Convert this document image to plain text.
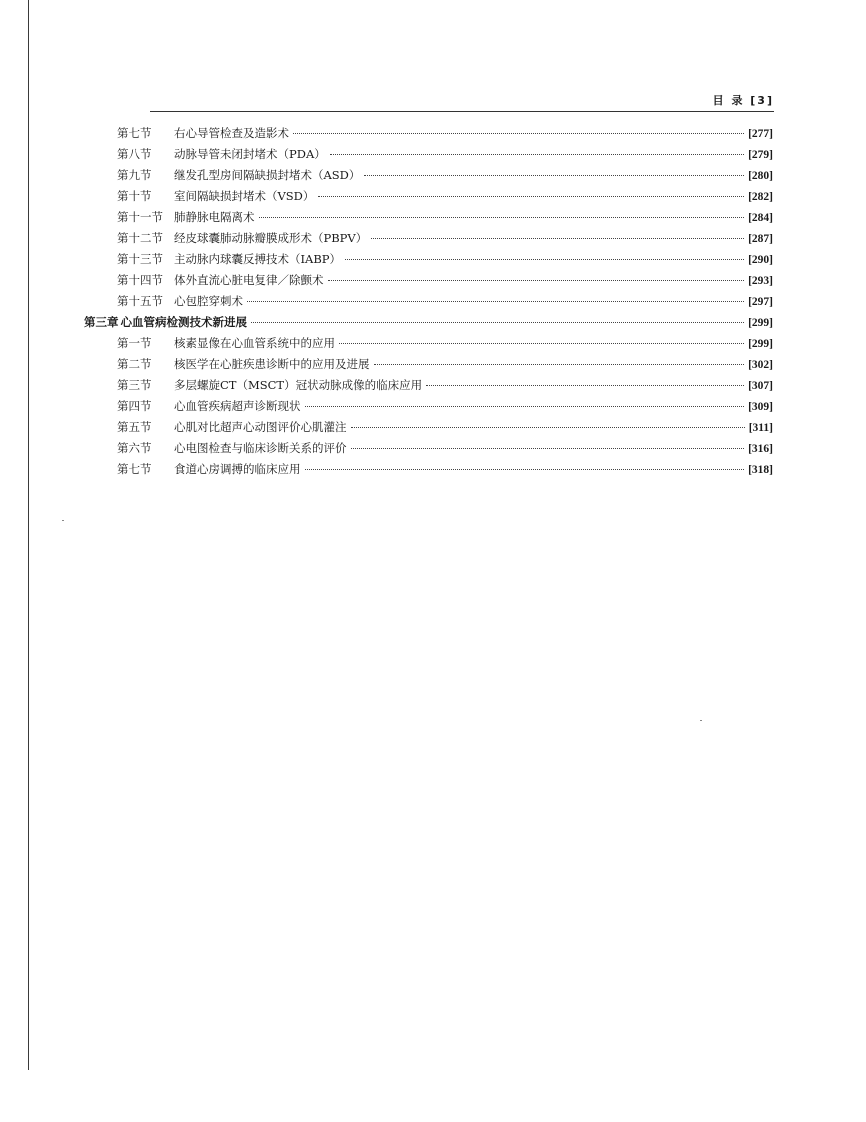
目 录 [3]
第七节	右心导管检查及造影术	[277]
第八节	动脉导管未闭封堵术（PDA）	[279]
第九节	继发孔型房间隔缺损封堵术（ASD）	[280]
第十节	室间隔缺损封堵术（VSD）	[282]
第十一节 肺静脉电隔离术	[284]
第十二节 经皮球囊肺动脉瓣膜成形术（PBPV）	[287]
第十三节 主动脉内球囊反搏技术（IABP）	[290]
第十四节 体外直流心脏电复律／除颤术	[293]
第十五节 心包腔穿刺术	[297]
第三章 心血管病检测技术新进展	[299]
第一节	核素显像在心血管系统中的应用	[299]
第二节	核医学在心脏疾患诊断中的应用及进展	[302]
第三节	多层螺旋CT（MSCT）冠状动脉成像的临床应用	[307]
第四节	心血管疾病超声诊断现状	[309]
第五节	心肌对比超声心动图评价心肌灌注	[311]
第六节	心电图检查与临床诊断关系的评价	[316]
第七节	食道心房调搏的临床应用	[318]
